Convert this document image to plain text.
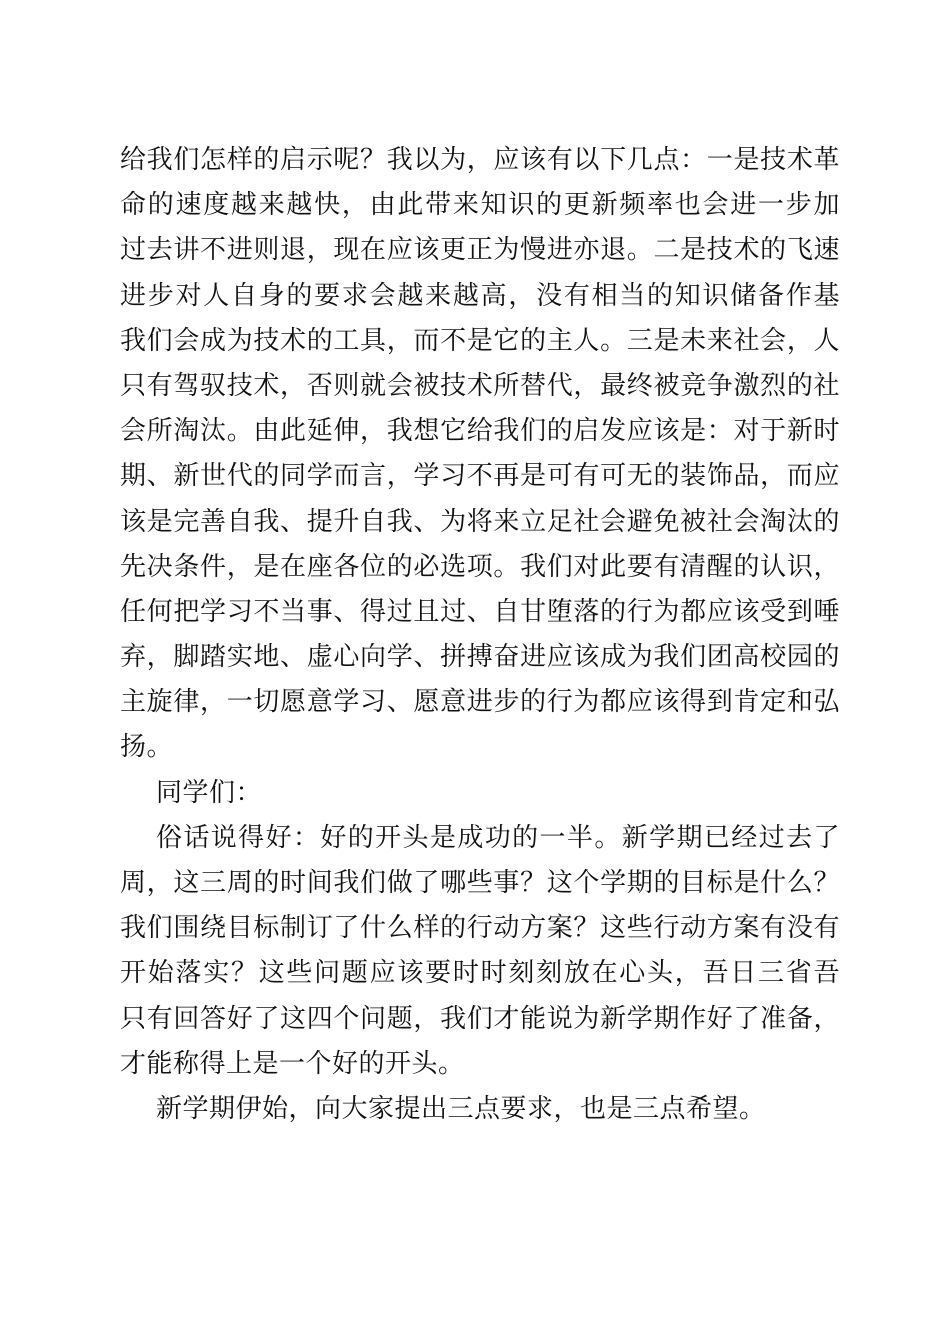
给我们怎样的启示呢？我以为，应该有以下几点：一是技术革
命的速度越来越快，由此带来知识的更新频率也会进一步加
过去讲不进则退，现在应该更正为慢进亦退。二是技术的飞速
进步对人自身的要求会越来越高，没有相当的知识储备作基
我们会成为技术的工具，而不是它的主人。三是未来社会，人
只有驾驭技术，否则就会被技术所替代，最终被竞争激烈的社
会所淘汰。由此延伸，我想它给我们的启发应该是：对于新时
期、新世代的同学而言，学习不再是可有可无的装饰品，而应
该是完善自我、提升自我、为将来立足社会避免被社会淘汰的
先决条件，是在座各位的必选项。我们对此要有清醒的认识，
任何把学习不当事、得过且过、自甘堕落的行为都应该受到唾
弃，脚踏实地、虚心向学、拼搏奋进应该成为我们团高校园的
主旋律，一切愿意学习、愿意进步的行为都应该得到肯定和弘
扬。
同学们：
俗话说得好：好的开头是成功的一半。新学期已经过去了
周，这三周的时间我们做了哪些事？这个学期的目标是什么？
我们围绕目标制订了什么样的行动方案？这些行动方案有没有
开始落实？这些问题应该要时时刻刻放在心头，吾日三省吾
只有回答好了这四个问题，我们才能说为新学期作好了准备，
才能称得上是一个好的开头。
新学期伊始，向大家提出三点要求，也是三点希望。
